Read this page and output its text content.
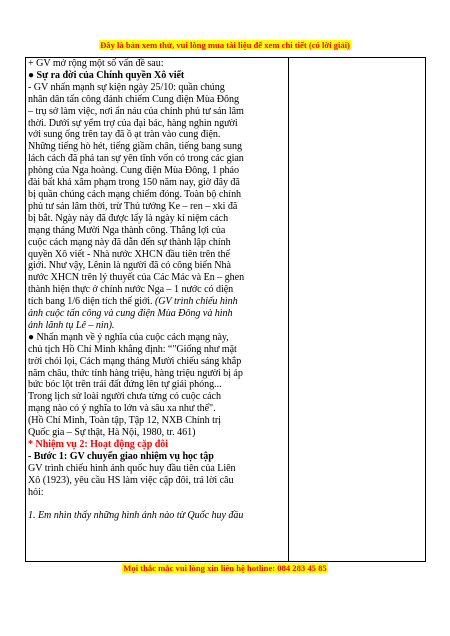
Đây là bản xem thử, vui lòng mua tài liệu để xem chi tiết (có lời giải)
+ GV mở rộng một số vấn đề sau:
● Sự ra đời của Chính quyền Xô viết
- GV nhấn mạnh sự kiện ngày 25/10: quần chúng
nhân dân tấn công đánh chiếm Cung điện Mùa Đông
– trụ sở làm việc, nơi ẩn náu của chính phủ tư sản lâm
thời. Dưới sự yểm trợ của đại bác, hàng nghìn người
với sung ống trên tay đã ồ ạt tràn vào cung điện.
Những tiếng hò hét, tiếng giầm chân, tiếng bang sung
lách cách đã phá tan sự yên tĩnh vốn có trong các gian
phòng của Nga hoàng. Cung điện Mùa Đông, 1 pháo
đài bất khả xâm phạm trong 150 năm nay, giờ đây đã
bị quần chúng cách mạng chiếm đóng. Toàn bộ chính
phủ tư sản lâm thời, trừ Thủ tướng Ke – ren – xki đã
bị bắt. Ngày này đã được lấy là ngày kỉ niệm cách
mạng tháng Mười Nga thành công. Thắng lợi của
cuộc cách mạng này đã dẫn đến sự thành lập chính
quyền Xô viết - Nhà nước XHCN đầu tiên trên thế
giới. Như vậy, Lênin là người đã có công biến Nhà
nước XHCN trên lý thuyết của Các Mác và En – ghen
thành hiện thực ở chính nước Nga – 1 nước có diện
tích bang 1/6 diện tích thế giới. (GV trình chiếu hình
ảnh cuộc tấn công và cung điện Mùa Đông và hình
ảnh lãnh tụ Lê – nin).
● Nhấn mạnh về ý nghĩa của cuộc cách mạng này,
chủ tịch Hồ Chí Minh khẳng định: “"Giống như mặt
trời chói lọi, Cách mạng tháng Mười chiếu sáng khắp
năm châu, thức tỉnh hàng triệu, hàng triệu người bị áp
bức bóc lột trên trái đất đứng lên tự giải phóng...
Trong lịch sử loài người chưa từng có cuộc cách
mạng nào có ý nghĩa to lớn và sâu xa như thế".
(Hồ Chí Minh, Toàn tập, Tập 12, NXB Chính trị
Quốc gia – Sự thật, Hà Nội, 1980, tr. 461)
* Nhiệm vụ 2: Hoạt động cặp đôi
- Bước 1: GV chuyển giao nhiệm vụ học tập
GV trình chiếu hình ảnh quốc huy đầu tiên của Liên
Xô (1923), yêu cầu HS làm việc cặp đôi, trả lời câu
hỏi:

1. Em nhìn thấy những hình ảnh nào từ Quốc huy đầu
Mọi thắc mắc vui lòng xin liên hệ hotline: 084 283 45 85
